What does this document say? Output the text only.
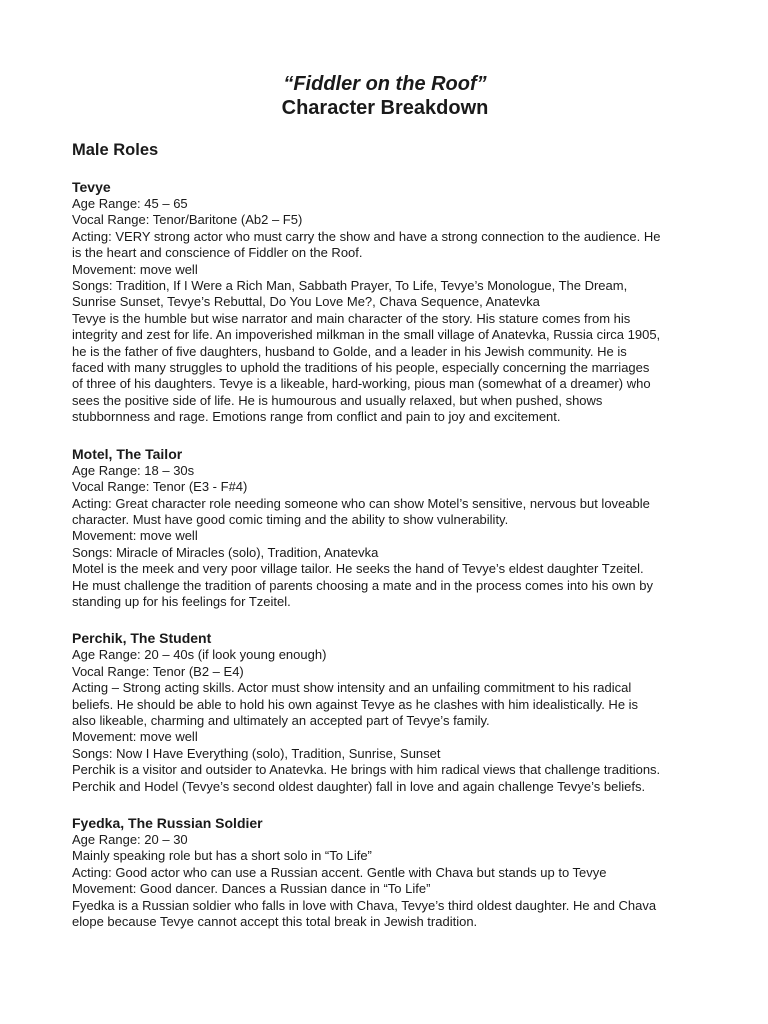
“Fiddler on the Roof”
Character Breakdown
Male Roles
Tevye
Age Range: 45 – 65
Vocal Range: Tenor/Baritone (Ab2 – F5)
Acting: VERY strong actor who must carry the show and have a strong connection to the audience. He
is the heart and conscience of Fiddler on the Roof.
Movement: move well
Songs: Tradition, If I Were a Rich Man, Sabbath Prayer, To Life, Tevye’s Monologue, The Dream,
Sunrise Sunset, Tevye’s Rebuttal, Do You Love Me?, Chava Sequence, Anatevka
Tevye is the humble but wise narrator and main character of the story. His stature comes from his
integrity and zest for life. An impoverished milkman in the small village of Anatevka, Russia circa 1905,
he is the father of five daughters, husband to Golde, and a leader in his Jewish community. He is
faced with many struggles to uphold the traditions of his people, especially concerning the marriages
of three of his daughters. Tevye is a likeable, hard-working, pious man (somewhat of a dreamer) who
sees the positive side of life. He is humourous and usually relaxed, but when pushed, shows
stubbornness and rage. Emotions range from conflict and pain to joy and excitement.
Motel, The Tailor
Age Range: 18 – 30s
Vocal Range: Tenor (E3 - F#4)
Acting: Great character role needing someone who can show Motel’s sensitive, nervous but loveable
character. Must have good comic timing and the ability to show vulnerability.
Movement: move well
Songs: Miracle of Miracles (solo), Tradition, Anatevka
Motel is the meek and very poor village tailor. He seeks the hand of Tevye’s eldest daughter Tzeitel.
He must challenge the tradition of parents choosing a mate and in the process comes into his own by
standing up for his feelings for Tzeitel.
Perchik, The Student
Age Range: 20 – 40s (if look young enough)
Vocal Range: Tenor (B2 – E4)
Acting – Strong acting skills. Actor must show intensity and an unfailing commitment to his radical
beliefs. He should be able to hold his own against Tevye as he clashes with him idealistically. He is
also likeable, charming and ultimately an accepted part of Tevye’s family.
Movement: move well
Songs: Now I Have Everything (solo), Tradition, Sunrise, Sunset
Perchik is a visitor and outsider to Anatevka. He brings with him radical views that challenge traditions.
Perchik and Hodel (Tevye’s second oldest daughter) fall in love and again challenge Tevye’s beliefs.
Fyedka, The Russian Soldier
Age Range: 20 – 30
Mainly speaking role but has a short solo in “To Life”
Acting: Good actor who can use a Russian accent. Gentle with Chava but stands up to Tevye
Movement: Good dancer. Dances a Russian dance in “To Life”
Fyedka is a Russian soldier who falls in love with Chava, Tevye’s third oldest daughter. He and Chava
elope because Tevye cannot accept this total break in Jewish tradition.
